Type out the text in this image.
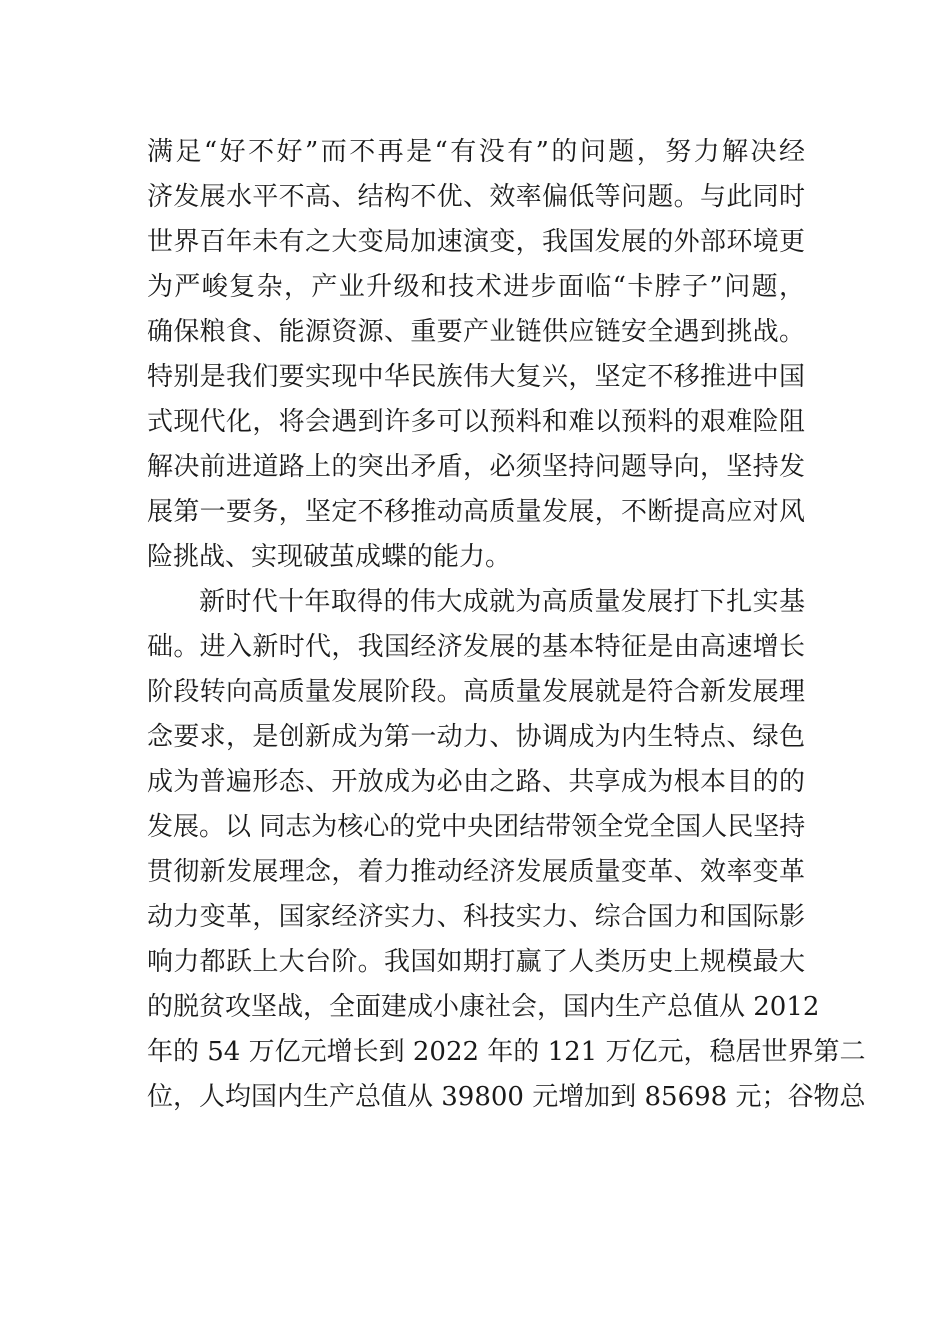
满足“好不好”而不再是“有没有”的问题，努力解决经
济发展水平不高、结构不优、效率偏低等问题。与此同时
世界百年未有之大变局加速演变，我国发展的外部环境更
为严峻复杂，产业升级和技术进步面临“卡脖子”问题，
确保粮食、能源资源、重要产业链供应链安全遇到挑战。
特别是我们要实现中华民族伟大复兴，坚定不移推进中国
式现代化，将会遇到许多可以预料和难以预料的艰难险阻
解决前进道路上的突出矛盾，必须坚持问题导向，坚持发
展第一要务，坚定不移推动高质量发展，不断提高应对风
险挑战、实现破茧成蝶的能力。
新时代十年取得的伟大成就为高质量发展打下扎实基
础。进入新时代，我国经济发展的基本特征是由高速增长
阶段转向高质量发展阶段。高质量发展就是符合新发展理
念要求，是创新成为第一动力、协调成为内生特点、绿色
成为普遍形态、开放成为必由之路、共享成为根本目的的
发展。以 同志为核心的党中央团结带领全党全国人民坚持
贯彻新发展理念，着力推动经济发展质量变革、效率变革
动力变革，国家经济实力、科技实力、综合国力和国际影
响力都跃上大台阶。我国如期打赢了人类历史上规模最大
的脱贫攻坚战，全面建成小康社会，国内生产总值从 2012
年的 54 万亿元增长到 2022 年的 121 万亿元，稳居世界第二
位，人均国内生产总值从 39800 元增加到 85698 元；谷物总
